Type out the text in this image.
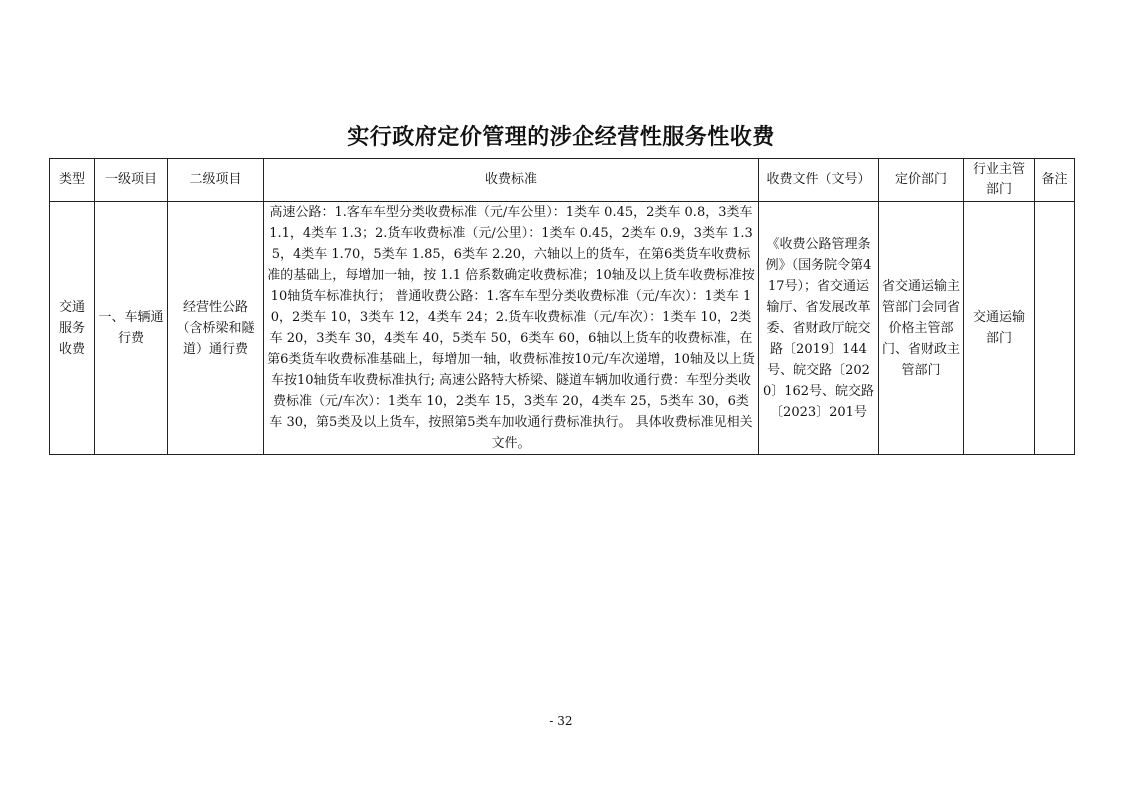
实行政府定价管理的涉企经营性服务性收费
类型	一级项目	二级项目	收费标准	收费文件（文号）	定价部门	行业主管部门	备注
交通服务收费	一、车辆通行费	经营性公路（含桥梁和隧道）通行费	高速公路：1.客车车型分类收费标准（元/车公里）：1类车 0.45，2类车 0.8，3类车 1.1，4类车 1.3；2.货车收费标准（元/公里）：1类车 0.45，2类车 0.9，3类车 1.35，4类车 1.70，5类车 1.85，6类车 2.20，六轴以上的货车，在第6类货车收费标准的基础上，每增加一轴，按 1.1 倍系数确定收费标准；10轴及以上货车收费标准按10轴货车标准执行； 普通收费公路：1.客车车型分类收费标准（元/车次）：1类车 10，2类车 10，3类车 12，4类车 24；2.货车收费标准（元/车次）：1类车 10，2类车 20，3类车 30，4类车 40，5类车 50，6类车 60，6轴以上货车的收费标准，在第6类货车收费标准基础上，每增加一轴，收费标准按10元/车次递增，10轴及以上货车按10轴货车收费标准执行; 高速公路特大桥梁、隧道车辆加收通行费：车型分类收费标准（元/车次）：1类车 10，2类车 15，3类车 20，4类车 25，5类车 30，6类车 30，第5类及以上货车，按照第5类车加收通行费标准执行。 具体收费标准见相关文件。	《收费公路管理条例》（国务院令第417号）；省交通运输厅、省发展改革委、省财政厅皖交路〔2019〕144号、皖交路〔2020〕162号、皖交路〔2023〕201号	省交通运输主管部门会同省价格主管部门、省财政主管部门	交通运输部门	
- 32
